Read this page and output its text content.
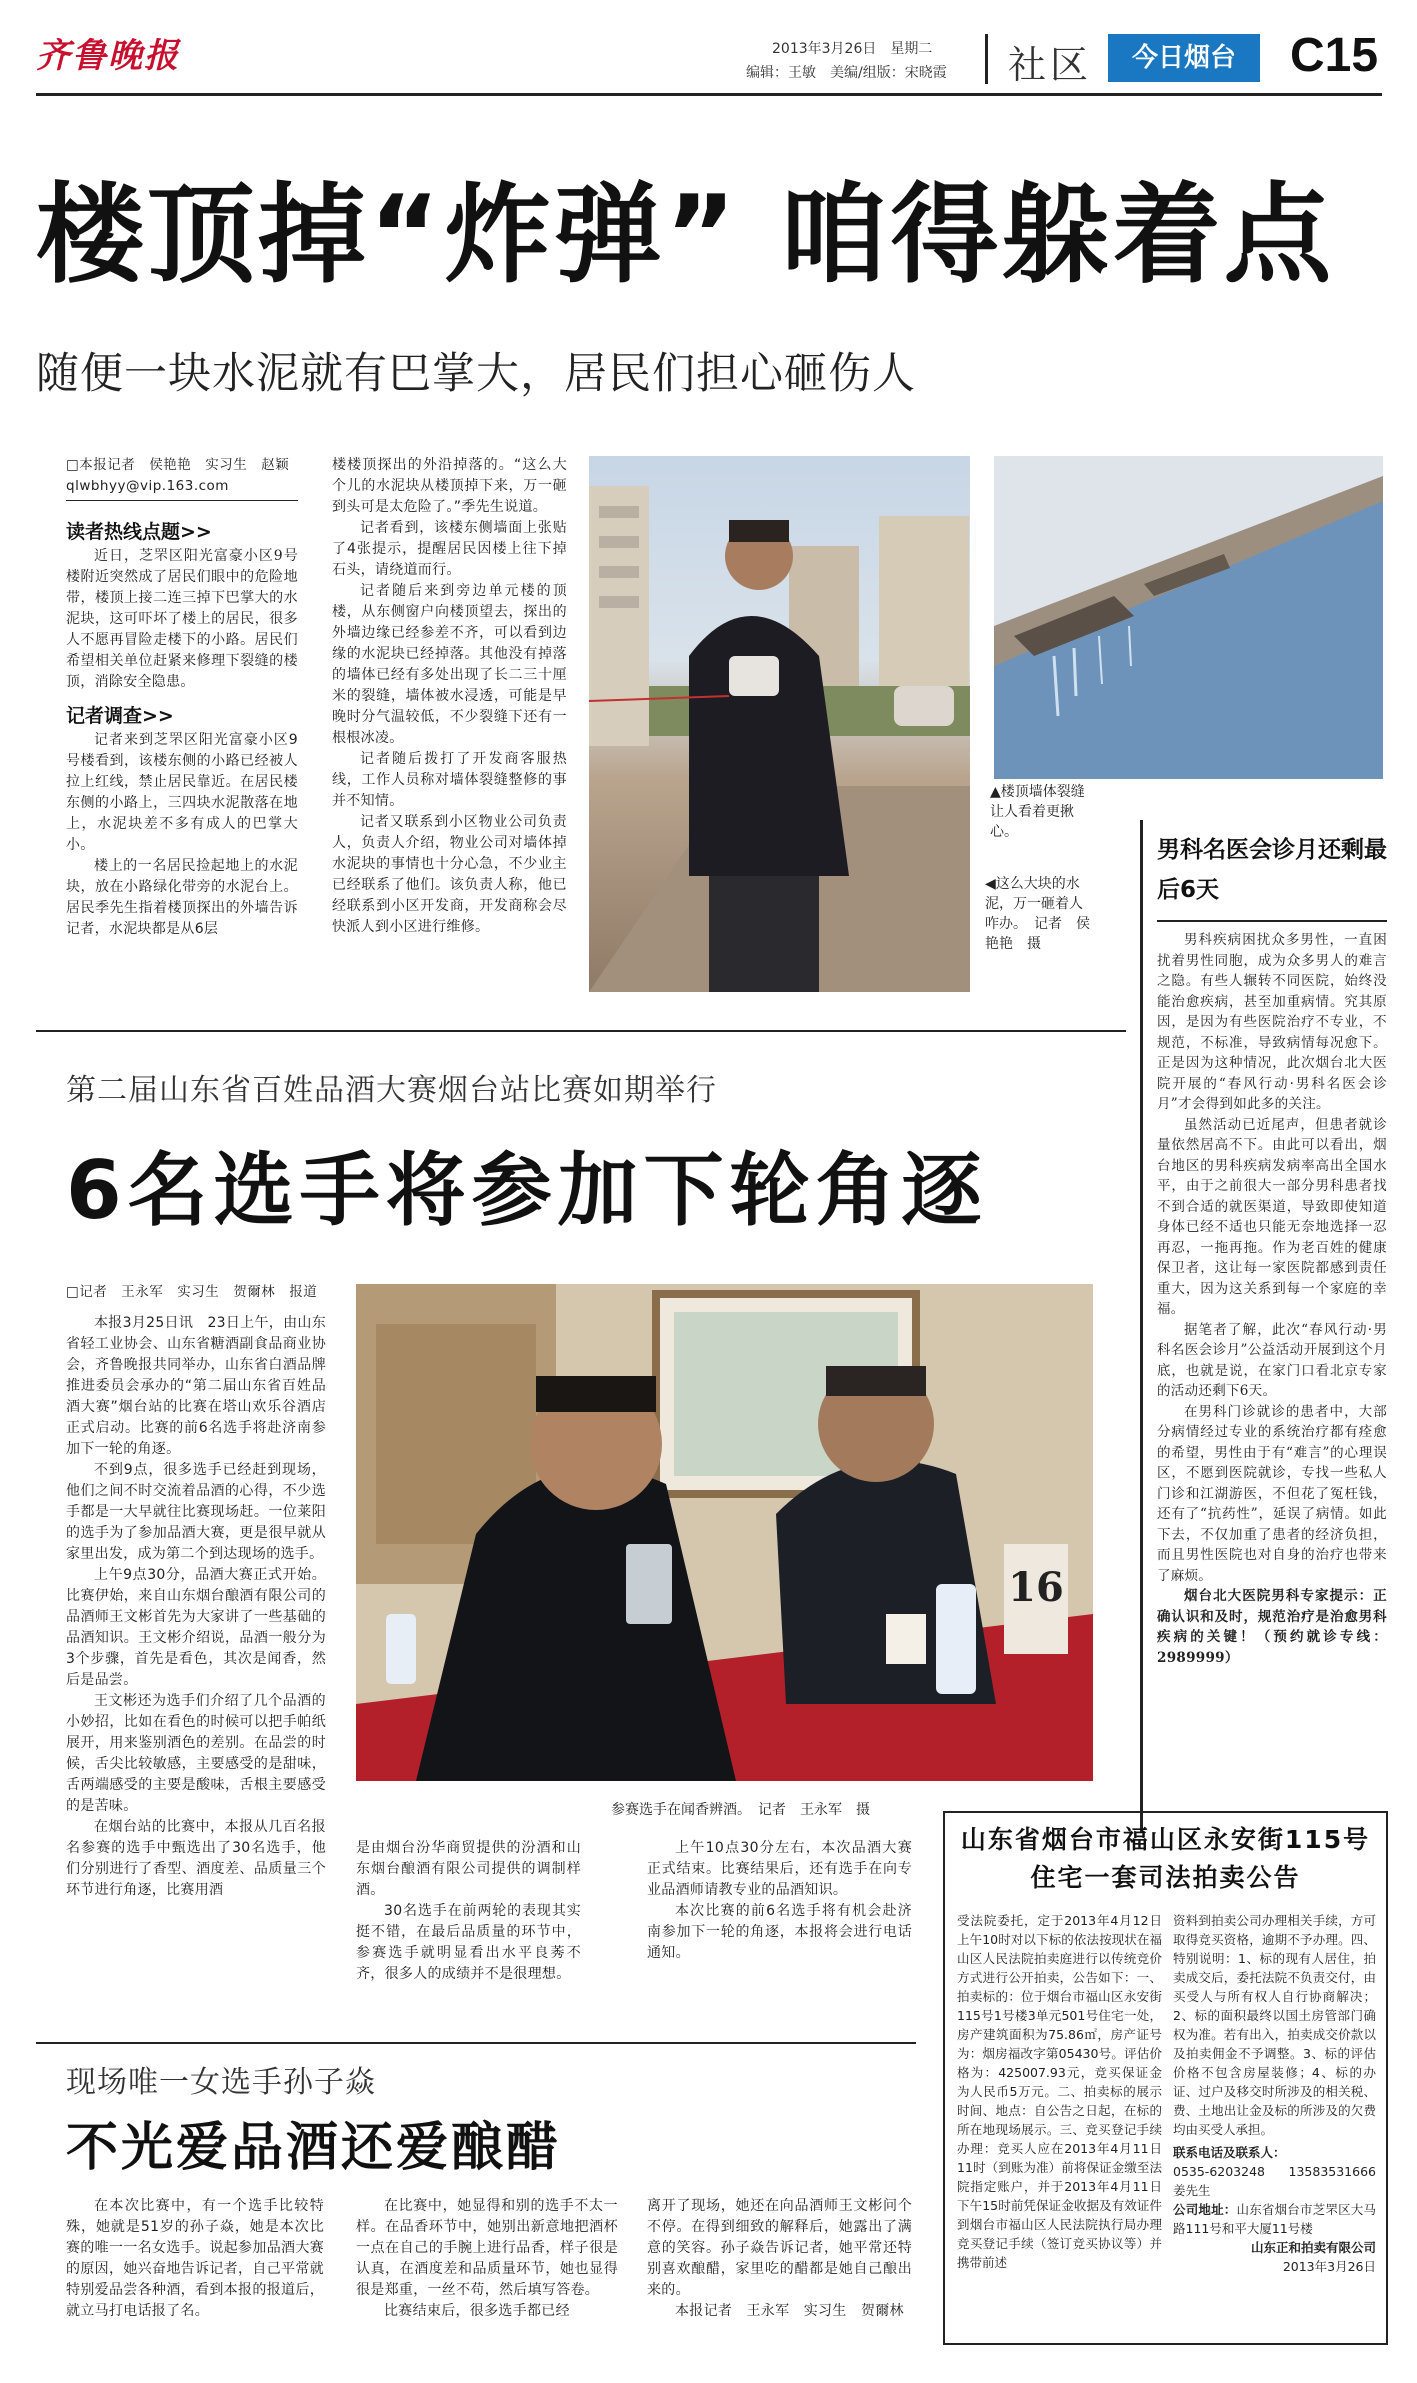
齐鲁晚报	2013年3月26日　星期二
编辑：王敏　美编/组版：宋晓霞 社区	今日烟台	C15
楼顶掉“炸弹” 咱得躲着点
随便一块水泥就有巴掌大，居民们担心砸伤人
□本报记者　侯艳艳　实习生　赵颖
qlwbhyy@vip.163.com
读者热线点题>>

近日，芝罘区阳光富豪小区9号楼附近突然成了居民们眼中的危险地带，楼顶上接二连三掉下巴掌大的水泥块，这可吓坏了楼上的居民，很多人不愿再冒险走楼下的小路。居民们希望相关单位赶紧来修理下裂缝的楼顶，消除安全隐患。

记者调查>>

记者来到芝罘区阳光富豪小区9号楼看到，该楼东侧的小路已经被人拉上红线，禁止居民靠近。在居民楼东侧的小路上，三四块水泥散落在地上，水泥块差不多有成人的巴掌大小。

楼上的一名居民捡起地上的水泥块，放在小路绿化带旁的水泥台上。居民季先生指着楼顶探出的外墙告诉记者，水泥块都是从6层

楼楼顶探出的外沿掉落的。“这么大个儿的水泥块从楼顶掉下来，万一砸到头可是太危险了。”季先生说道。

记者看到，该楼东侧墙面上张贴了4张提示，提醒居民因楼上往下掉石头，请绕道而行。

记者随后来到旁边单元楼的顶楼，从东侧窗户向楼顶望去，探出的外墙边缘已经参差不齐，可以看到边缘的水泥块已经掉落。其他没有掉落的墙体已经有多处出现了长二三十厘米的裂缝，墙体被水浸透，可能是早晚时分气温较低，不少裂缝下还有一根根冰凌。

记者随后拨打了开发商客服热线，工作人员称对墙体裂缝整修的事并不知情。

记者又联系到小区物业公司负责人，负责人介绍，物业公司对墙体掉水泥块的事情也十分心急，不少业主已经联系了他们。该负责人称，他已经联系到小区开发商，开发商称会尽快派人到小区进行维修。

▲楼顶墙体裂缝让人看着更揪心。
◀这么大块的水泥，万一砸着人咋办。　记者　侯艳艳　摄
男科名医会诊月还剩最后6天

男科疾病困扰众多男性，一直困扰着男性同胞，成为众多男人的难言之隐。有些人辗转不同医院，始终没能治愈疾病，甚至加重病情。究其原因，是因为有些医院治疗不专业，不规范，不标准，导致病情每况愈下。正是因为这种情况，此次烟台北大医院开展的“春风行动·男科名医会诊月”才会得到如此多的关注。

虽然活动已近尾声，但患者就诊量依然居高不下。由此可以看出，烟台地区的男科疾病发病率高出全国水平，由于之前很大一部分男科患者找不到合适的就医渠道，导致即使知道身体已经不适也只能无奈地选择一忍再忍，一拖再拖。作为老百姓的健康保卫者，这让每一家医院都感到责任重大，因为这关系到每一个家庭的幸福。

据笔者了解，此次“春风行动·男科名医会诊月”公益活动开展到这个月底，也就是说，在家门口看北京专家的活动还剩下6天。

在男科门诊就诊的患者中，大部分病情经过专业的系统治疗都有痊愈的希望，男性由于有“难言”的心理误区，不愿到医院就诊，专找一些私人门诊和江湖游医，不但花了冤枉钱，还有了“抗药性”，延误了病情。如此下去，不仅加重了患者的经济负担，而且男性医院也对自身的治疗也带来了麻烦。

烟台北大医院男科专家提示：正确认识和及时，规范治疗是治愈男科疾病的关键！（预约就诊专线：2989999）

第二届山东省百姓品酒大赛烟台站比赛如期举行
6名选手将参加下轮角逐
□记者　王永军　实习生　贺爾林　报道

本报3月25日讯　23日上午，由山东省轻工业协会、山东省糖酒副食品商业协会，齐鲁晚报共同举办，山东省白酒品牌推进委员会承办的“第二届山东省百姓品酒大赛”烟台站的比赛在塔山欢乐谷酒店正式启动。比赛的前6名选手将赴济南参加下一轮的角逐。

不到9点，很多选手已经赶到现场，他们之间不时交流着品酒的心得，不少选手都是一大早就往比赛现场赶。一位莱阳的选手为了参加品酒大赛，更是很早就从家里出发，成为第二个到达现场的选手。

上午9点30分，品酒大赛正式开始。比赛伊始，来自山东烟台酿酒有限公司的品酒师王文彬首先为大家讲了一些基础的品酒知识。王文彬介绍说，品酒一般分为3个步骤，首先是看色，其次是闻香，然后是品尝。

王文彬还为选手们介绍了几个品酒的小妙招，比如在看色的时候可以把手帕纸展开，用来鉴别酒色的差别。在品尝的时候，舌尖比较敏感，主要感受的是甜味，舌两端感受的主要是酸味，舌根主要感受的是苦味。

在烟台站的比赛中，本报从几百名报名参赛的选手中甄选出了30名选手，他们分别进行了香型、酒度差、品质量三个环节进行角逐，比赛用酒

16
参赛选手在闻香辨酒。　记者　王永军　摄

是由烟台汾华商贸提供的汾酒和山东烟台酿酒有限公司提供的调制样酒。

30名选手在前两轮的表现其实挺不错，在最后品质量的环节中，参赛选手就明显看出水平良莠不齐，很多人的成绩并不是很理想。

上午10点30分左右，本次品酒大赛正式结束。比赛结果后，还有选手在向专业品酒师请教专业的品酒知识。

本次比赛的前6名选手将有机会赴济南参加下一轮的角逐，本报将会进行电话通知。

山东省烟台市福山区永安街115号住宅一套司法拍卖公告
受法院委托，定于2013年4月12日上午10时对以下标的依法按现状在福山区人民法院拍卖庭进行以传统竞价方式进行公开拍卖，公告如下：一、拍卖标的：位于烟台市福山区永安街115号1号楼3单元501号住宅一处，房产建筑面积为75.86㎡，房产证号为：烟房福改字第05430号。评估价格为：425007.93元，竞买保证金为人民币5万元。二、拍卖标的展示时间、地点：自公告之日起，在标的所在地现场展示。三、竞买登记手续办理：竞买人应在2013年4月11日11时（到账为准）前将保证金缴至法院指定账户，并于2013年4月11日下午15时前凭保证金收据及有效证件到烟台市福山区人民法院执行局办理竞买登记手续（签订竞买协议等）并携带前述
资料到拍卖公司办理相关手续，方可取得竞买资格，逾期不予办理。四、特别说明：1、标的现有人居住，拍卖成交后，委托法院不负责交付，由买受人与所有权人自行协商解决；2、标的面积最终以国土房管部门确权为准。若有出入，拍卖成交价款以及拍卖佣金不予调整。3、标的评估价格不包含房屋装修；4、标的办证、过户及移交时所涉及的相关税、费、土地出让金及标的所涉及的欠费均由买受人承担。
联系电话及联系人：
0535-6203248 13583531666　姜先生
公司地址：山东省烟台市芝罘区大马路111号和平大厦11号楼
山东正和拍卖有限公司
2013年3月26日
现场唯一女选手孙子焱
不光爱品酒还爱酿醋

在本次比赛中，有一个选手比较特殊，她就是51岁的孙子焱，她是本次比赛的唯一一名女选手。说起参加品酒大赛的原因，她兴奋地告诉记者，自己平常就特别爱品尝各种酒，看到本报的报道后，就立马打电话报了名。

在比赛中，她显得和别的选手不太一样。在品香环节中，她别出新意地把酒杯一点在自己的手腕上进行品香，样子很是认真，在酒度差和品质量环节，她也显得很是郑重，一丝不苟，然后填写答卷。

比赛结束后，很多选手都已经

离开了现场，她还在向品酒师王文彬问个不停。在得到细致的解释后，她露出了满意的笑容。孙子焱告诉记者，她平常还特别喜欢酿醋，家里吃的醋都是她自己酿出来的。

本报记者　王永军　实习生　贺爾林
